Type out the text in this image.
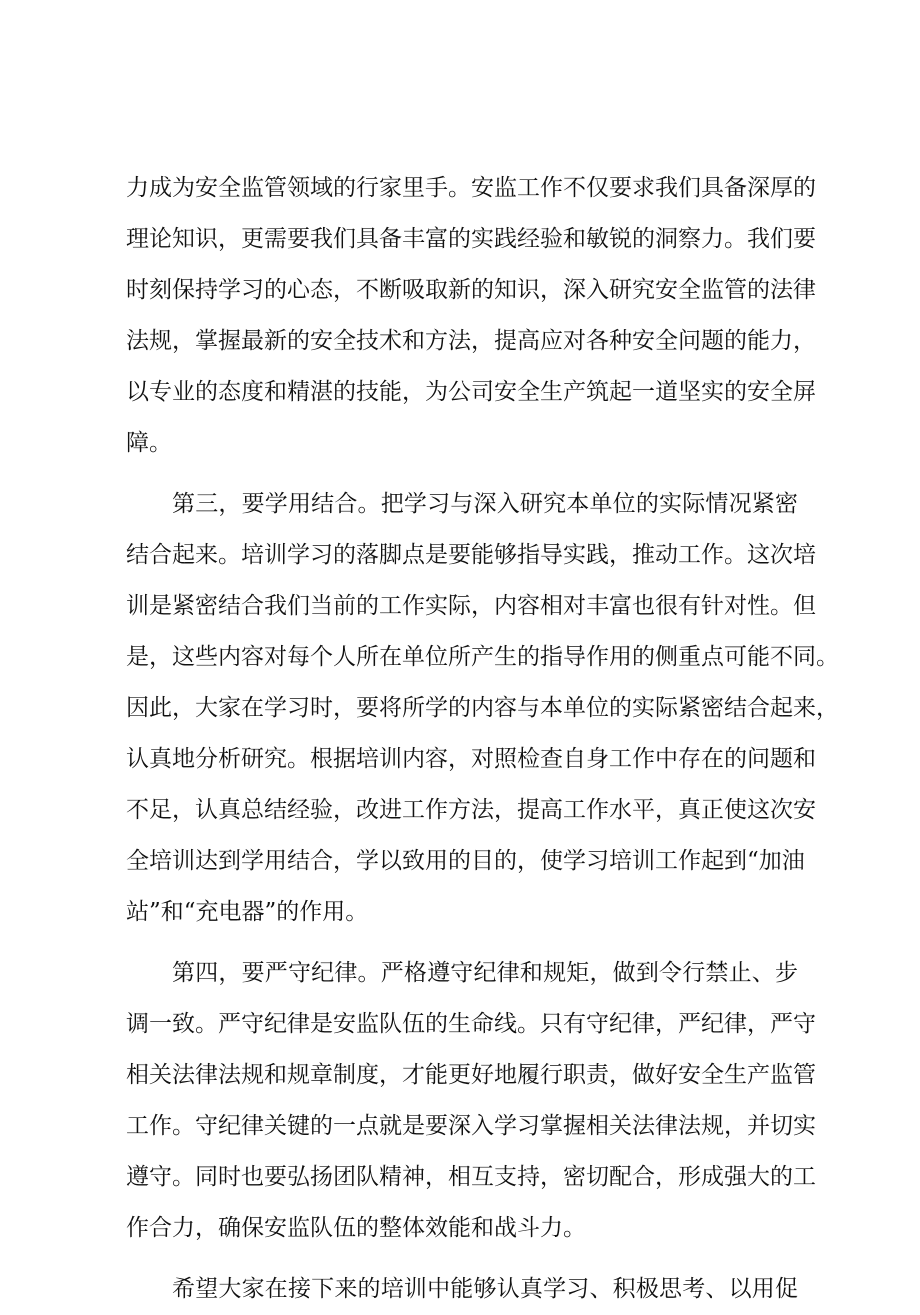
力成为安全监管领域的行家里手。安监工作不仅要求我们具备深厚的
理论知识，更需要我们具备丰富的实践经验和敏锐的洞察力。我们要
时刻保持学习的心态，不断吸取新的知识，深入研究安全监管的法律
法规，掌握最新的安全技术和方法，提高应对各种安全问题的能力，
以专业的态度和精湛的技能，为公司安全生产筑起一道坚实的安全屏
障。
第三，要学用结合。把学习与深入研究本单位的实际情况紧密
结合起来。培训学习的落脚点是要能够指导实践，推动工作。这次培
训是紧密结合我们当前的工作实际，内容相对丰富也很有针对性。但
是，这些内容对每个人所在单位所产生的指导作用的侧重点可能不同。
因此，大家在学习时，要将所学的内容与本单位的实际紧密结合起来，
认真地分析研究。根据培训内容，对照检查自身工作中存在的问题和
不足，认真总结经验，改进工作方法，提高工作水平，真正使这次安
全培训达到学用结合，学以致用的目的，使学习培训工作起到“加油
站”和“充电器”的作用。
第四，要严守纪律。严格遵守纪律和规矩，做到令行禁止、步
调一致。严守纪律是安监队伍的生命线。只有守纪律，严纪律，严守
相关法律法规和规章制度，才能更好地履行职责，做好安全生产监管
工作。守纪律关键的一点就是要深入学习掌握相关法律法规，并切实
遵守。同时也要弘扬团队精神，相互支持，密切配合，形成强大的工
作合力，确保安监队伍的整体效能和战斗力。
希望大家在接下来的培训中能够认真学习、积极思考、以用促
